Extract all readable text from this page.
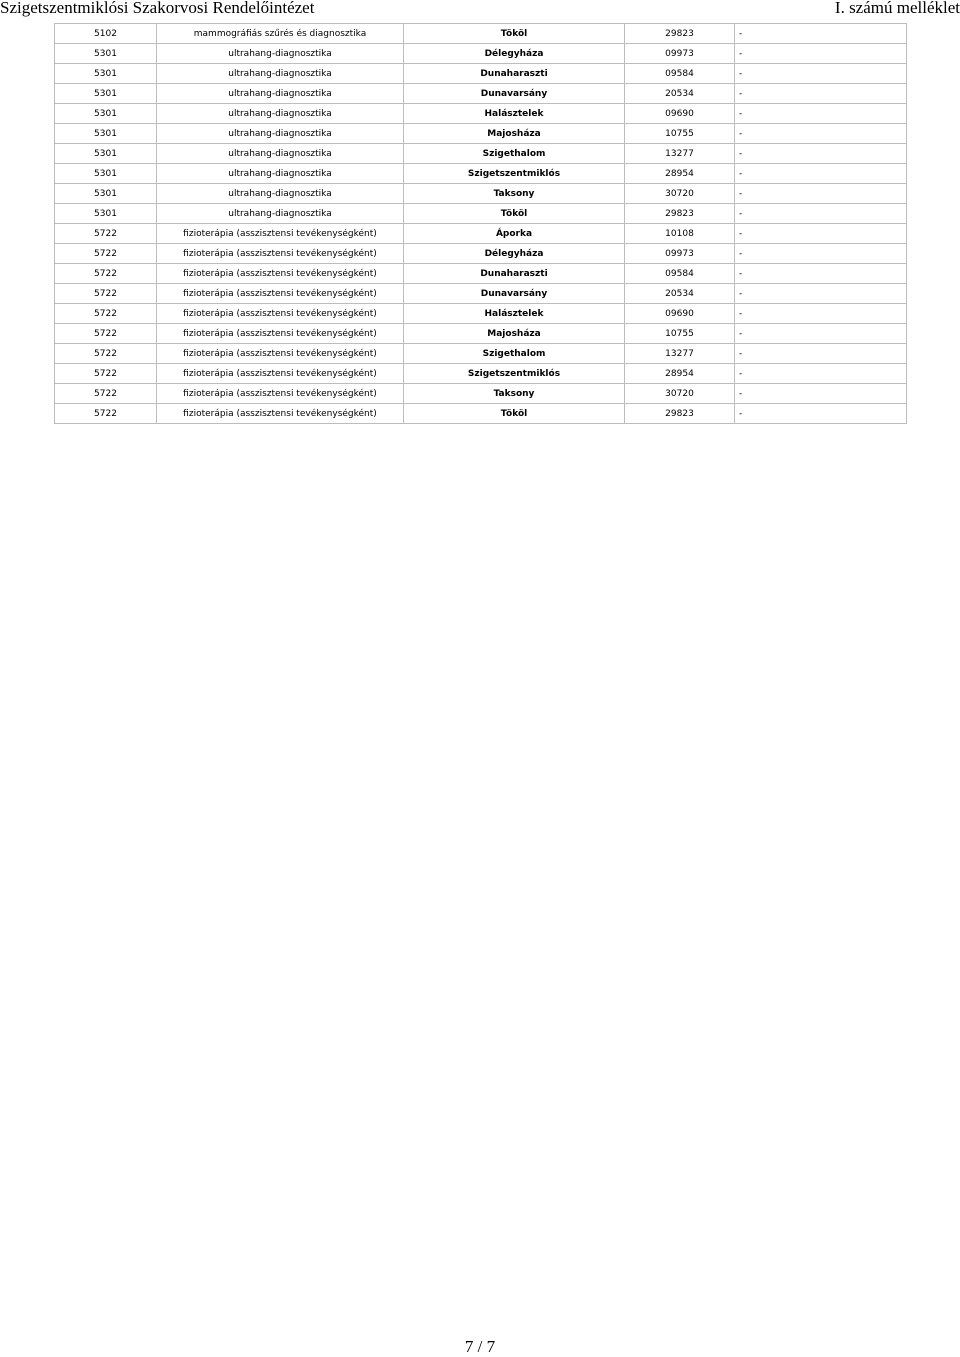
Szigetszentmiklósi Szakorvosi Rendelőintézet	I. számú melléklet
5102	mammográfiás szűrés és diagnosztika	Tököl	29823	-
5301	ultrahang-diagnosztika	Délegyháza	09973	-
5301	ultrahang-diagnosztika	Dunaharaszti	09584	-
5301	ultrahang-diagnosztika	Dunavarsány	20534	-
5301	ultrahang-diagnosztika	Halásztelek	09690	-
5301	ultrahang-diagnosztika	Majosháza	10755	-
5301	ultrahang-diagnosztika	Szigethalom	13277	-
5301	ultrahang-diagnosztika	Szigetszentmiklós	28954	-
5301	ultrahang-diagnosztika	Taksony	30720	-
5301	ultrahang-diagnosztika	Tököl	29823	-
5722	fizioterápia (asszisztensi tevékenységként)	Áporka	10108	-
5722	fizioterápia (asszisztensi tevékenységként)	Délegyháza	09973	-
5722	fizioterápia (asszisztensi tevékenységként)	Dunaharaszti	09584	-
5722	fizioterápia (asszisztensi tevékenységként)	Dunavarsány	20534	-
5722	fizioterápia (asszisztensi tevékenységként)	Halásztelek	09690	-
5722	fizioterápia (asszisztensi tevékenységként)	Majosháza	10755	-
5722	fizioterápia (asszisztensi tevékenységként)	Szigethalom	13277	-
5722	fizioterápia (asszisztensi tevékenységként)	Szigetszentmiklós	28954	-
5722	fizioterápia (asszisztensi tevékenységként)	Taksony	30720	-
5722	fizioterápia (asszisztensi tevékenységként)	Tököl	29823	-
7 / 7
